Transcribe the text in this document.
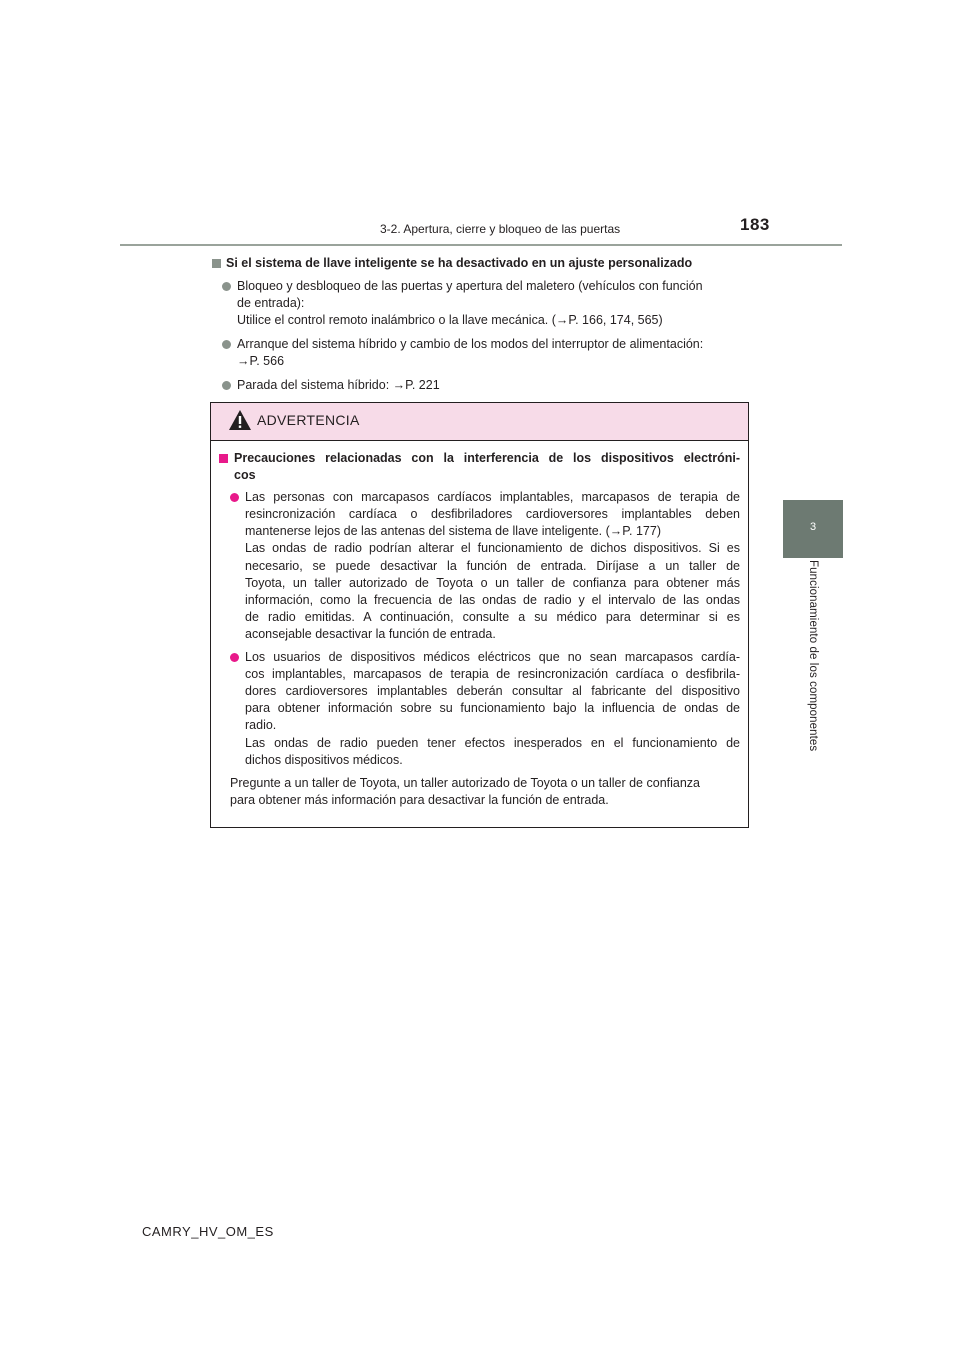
3-2. Apertura, cierre y bloqueo de las puertas	183
3
Funcionamiento de los componentes
Si el sistema de llave inteligente se ha desactivado en un ajuste personalizado
Bloqueo y desbloqueo de las puertas y apertura del maletero (vehículos con función
de entrada):
Utilice el control remoto inalámbrico o la llave mecánica. (→P. 166, 174, 565)
Arranque del sistema híbrido y cambio de los modos del interruptor de alimentación:
→P. 566
Parada del sistema híbrido: →P. 221
ADVERTENCIA
Precauciones relacionadas con la interferencia de los dispositivos electróni-
cos
Las personas con marcapasos cardíacos implantables, marcapasos de terapia de
resincronización cardíaca o desfibriladores cardioversores implantables deben
mantenerse lejos de las antenas del sistema de llave inteligente. (→P. 177)
Las ondas de radio podrían alterar el funcionamiento de dichos dispositivos. Si es
necesario, se puede desactivar la función de entrada. Diríjase a un taller de
Toyota, un taller autorizado de Toyota o un taller de confianza para obtener más
información, como la frecuencia de las ondas de radio y el intervalo de las ondas
de radio emitidas. A continuación, consulte a su médico para determinar si es
aconsejable desactivar la función de entrada.
Los usuarios de dispositivos médicos eléctricos que no sean marcapasos cardía-
cos implantables, marcapasos de terapia de resincronización cardíaca o desfibrila-
dores cardioversores implantables deberán consultar al fabricante del dispositivo
para obtener información sobre su funcionamiento bajo la influencia de ondas de
radio.
Las ondas de radio pueden tener efectos inesperados en el funcionamiento de
dichos dispositivos médicos.
Pregunte a un taller de Toyota, un taller autorizado de Toyota o un taller de confianza
para obtener más información para desactivar la función de entrada.
CAMRY_HV_OM_ES
